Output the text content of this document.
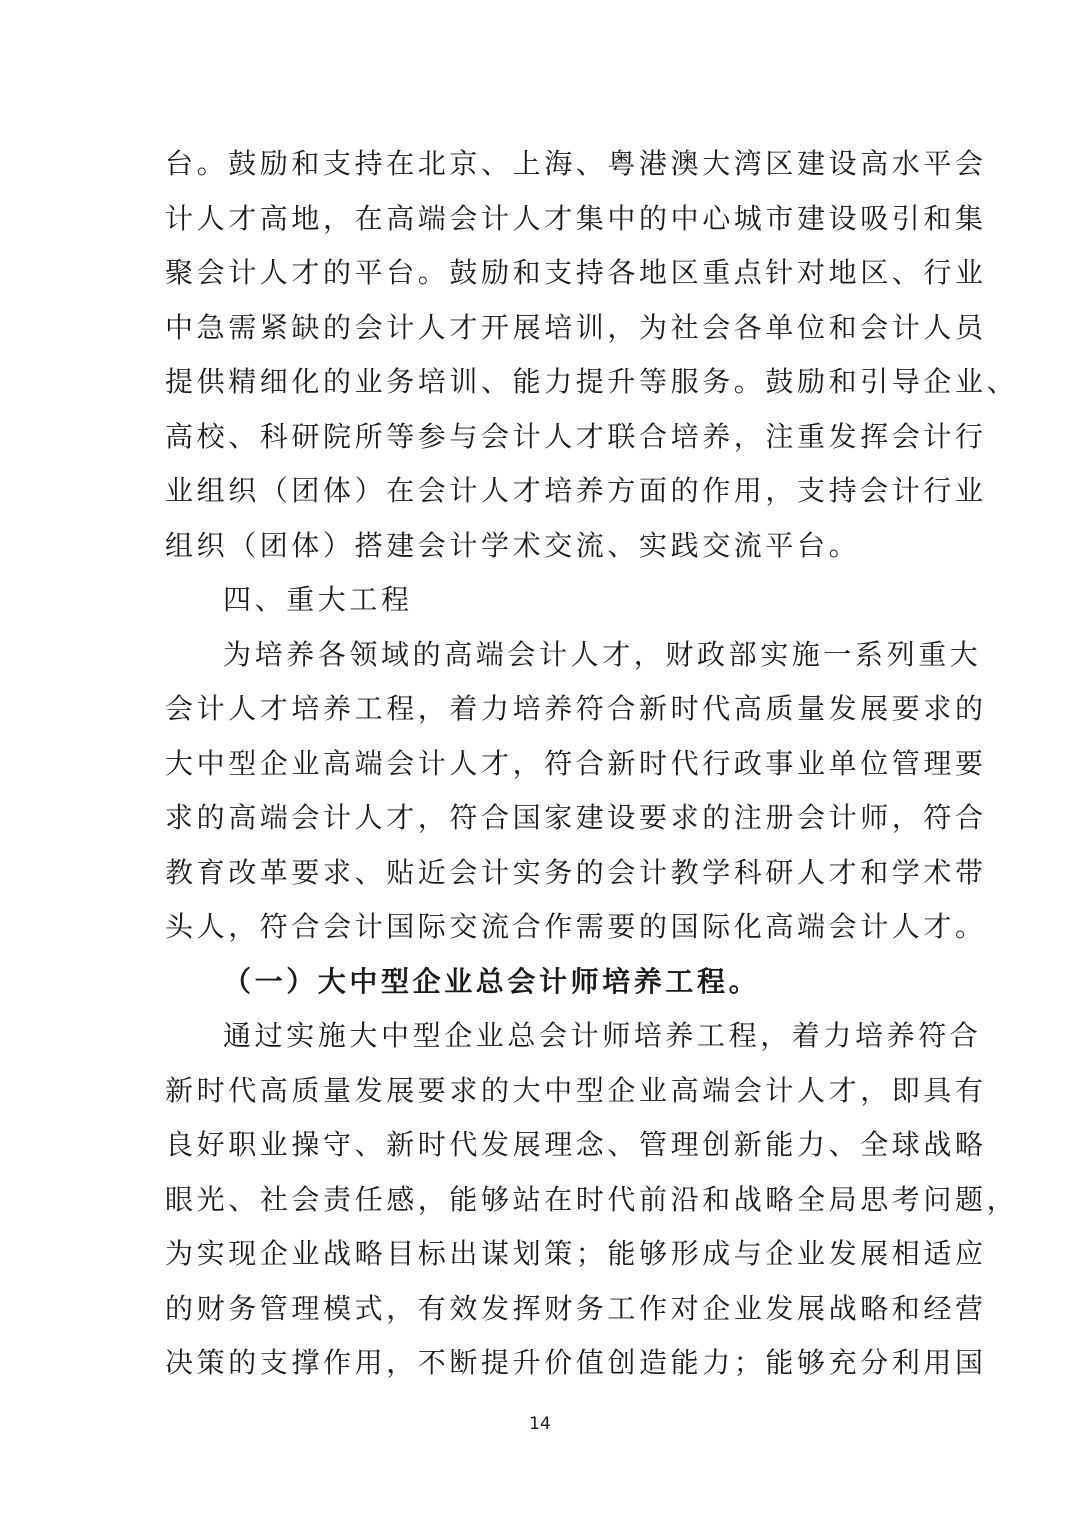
台。鼓励和支持在北京、上海、粤港澳大湾区建设高水平会
计人才高地，在高端会计人才集中的中心城市建设吸引和集
聚会计人才的平台。鼓励和支持各地区重点针对地区、行业
中急需紧缺的会计人才开展培训，为社会各单位和会计人员
提供精细化的业务培训、能力提升等服务。鼓励和引导企业、
高校、科研院所等参与会计人才联合培养，注重发挥会计行
业组织（团体）在会计人才培养方面的作用，支持会计行业
组织（团体）搭建会计学术交流、实践交流平台。
四、重大工程
为培养各领域的高端会计人才，财政部实施一系列重大
会计人才培养工程，着力培养符合新时代高质量发展要求的
大中型企业高端会计人才，符合新时代行政事业单位管理要
求的高端会计人才，符合国家建设要求的注册会计师，符合
教育改革要求、贴近会计实务的会计教学科研人才和学术带
头人，符合会计国际交流合作需要的国际化高端会计人才。
（一）大中型企业总会计师培养工程。
通过实施大中型企业总会计师培养工程，着力培养符合
新时代高质量发展要求的大中型企业高端会计人才，即具有
良好职业操守、新时代发展理念、管理创新能力、全球战略
眼光、社会责任感，能够站在时代前沿和战略全局思考问题，
为实现企业战略目标出谋划策；能够形成与企业发展相适应
的财务管理模式，有效发挥财务工作对企业发展战略和经营
决策的支撑作用，不断提升价值创造能力；能够充分利用国
14
